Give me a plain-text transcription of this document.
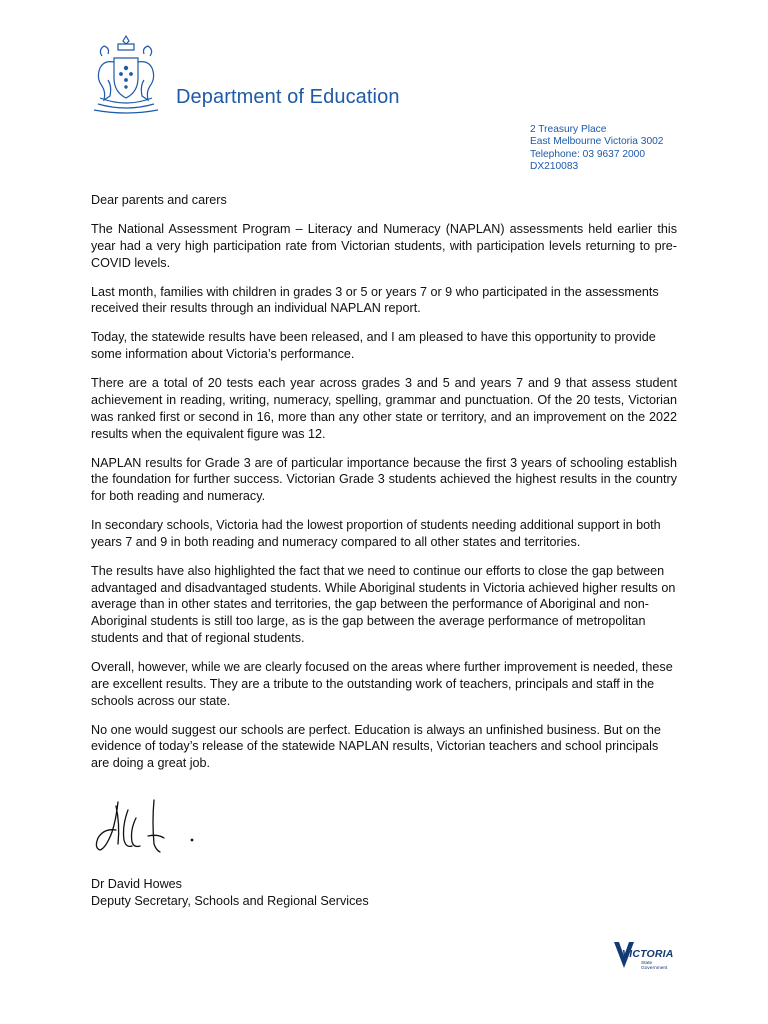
Department of Education
2 Treasury Place
East Melbourne Victoria 3002
Telephone: 03 9637 2000
DX210083

Dear parents and carers

The National Assessment Program – Literacy and Numeracy (NAPLAN) assessments held earlier this year had a very high participation rate from Victorian students, with participation levels returning to pre-COVID levels.

Last month, families with children in grades 3 or 5 or years 7 or 9 who participated in the assessments received their results through an individual NAPLAN report.

Today, the statewide results have been released, and I am pleased to have this opportunity to provide some information about Victoria’s performance.

There are a total of 20 tests each year across grades 3 and 5 and years 7 and 9 that assess student achievement in reading, writing, numeracy, spelling, grammar and punctuation. Of the 20 tests, Victorian was ranked first or second in 16, more than any other state or territory, and an improvement on the 2022 results when the equivalent figure was 12.

NAPLAN results for Grade 3 are of particular importance because the first 3 years of schooling establish the foundation for further success. Victorian Grade 3 students achieved the highest results in the country for both reading and numeracy.

In secondary schools, Victoria had the lowest proportion of students needing additional support in both years 7 and 9 in both reading and numeracy compared to all other states and territories.

The results have also highlighted the fact that we need to continue our efforts to close the gap between advantaged and disadvantaged students. While Aboriginal students in Victoria achieved higher results on average than in other states and territories, the gap between the performance of Aboriginal and non-Aboriginal students is still too large, as is the gap between the average performance of metropolitan students and that of regional students.

Overall, however, while we are clearly focused on the areas where further improvement is needed, these are excellent results. They are a tribute to the outstanding work of teachers, principals and staff in the schools across our state.

No one would suggest our schools are perfect. Education is always an unfinished business. But on the evidence of today’s release of the statewide NAPLAN results, Victorian teachers and school principals are doing a great job.

Dr David Howes
Deputy Secretary, Schools and Regional Services
VICTORIA
State
Government
